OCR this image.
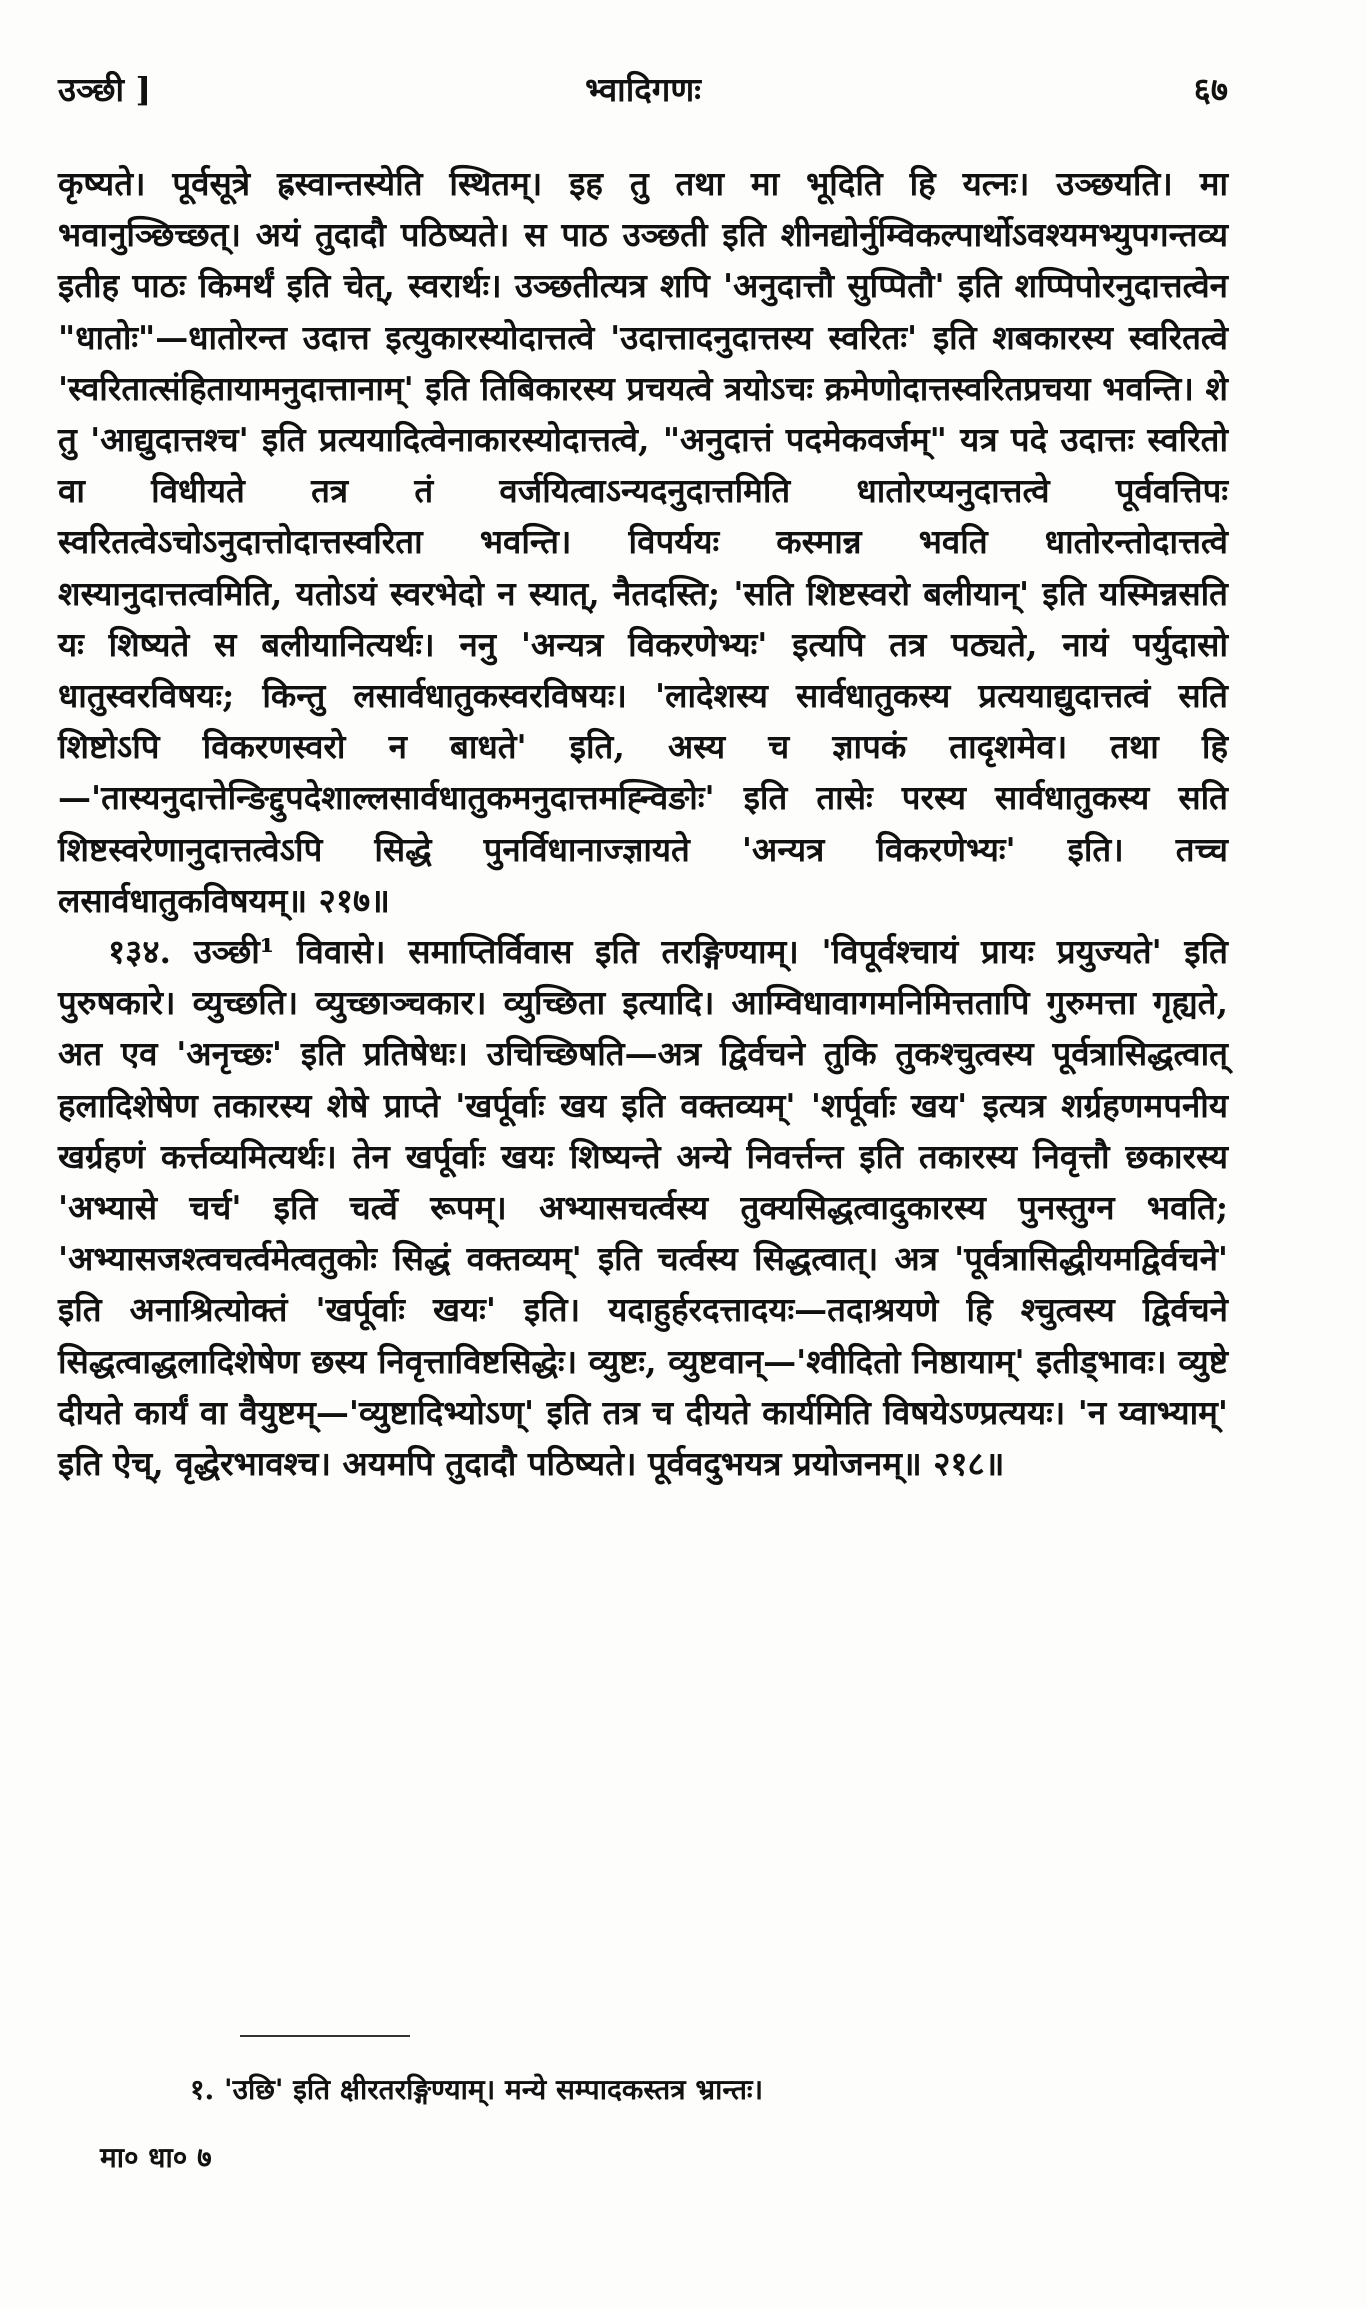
उञ्छी ]	भ्वादिगणः	६७

कृष्यते। पूर्वसूत्रे ह्रस्वान्तस्येति स्थितम्। इह तु तथा मा भूदिति हि यत्नः। उञ्छयति। मा भवानुञ्छिच्छत्। अयं तुदादौ पठिष्यते। स पाठ उञ्छती इति शीनद्योर्नुम्विकल्पार्थोऽवश्यमभ्युपगन्तव्य इतीह पाठः किमर्थं इति चेत्, स्वरार्थः। उञ्छतीत्यत्र शपि 'अनुदात्तौ सुप्पितौ' इति शप्पिपोरनुदात्तत्वेन "धातोः"—धातोरन्त उदात्त इत्युकारस्योदात्तत्वे 'उदात्तादनुदात्तस्य स्वरितः' इति शबकारस्य स्वरितत्वे 'स्वरितात्संहितायामनुदात्तानाम्' इति तिबिकारस्य प्रचयत्वे त्रयोऽचः क्रमेणोदात्तस्वरितप्रचया भवन्ति। शे तु 'आद्युदात्तश्च' इति प्रत्ययादित्वेनाकारस्योदात्तत्वे, "अनुदात्तं पदमेकवर्जम्" यत्र पदे उदात्तः स्वरितो वा विधीयते तत्र तं वर्जयित्वाऽन्यदनुदात्तमिति धातोरप्यनुदात्तत्वे पूर्ववत्तिपः स्वरितत्वेऽचोऽनुदात्तोदात्तस्वरिता भवन्ति। विपर्ययः कस्मान्न भवति धातोरन्तोदात्तत्वे शस्यानुदात्तत्वमिति, यतोऽयं स्वरभेदो न स्यात्, नैतदस्ति; 'सति शिष्टस्वरो बलीयान्' इति यस्मिन्नसति यः शिष्यते स बलीयानित्यर्थः। ननु 'अन्यत्र विकरणेभ्यः' इत्यपि तत्र पठ्यते, नायं पर्युदासो धातुस्वरविषयः; किन्तु लसार्वधातुकस्वरविषयः। 'लादेशस्य सार्वधातुकस्य प्रत्ययाद्युदात्तत्वं सति शिष्टोऽपि विकरणस्वरो न बाधते' इति, अस्य च ज्ञापकं तादृशमेव। तथा हि—'तास्यनुदात्तेन्ङिद्दुपदेशाल्लसार्वधातुकमनुदात्तमह्न्विङोः' इति तासेः परस्य सार्वधातुकस्य सति शिष्टस्वरेणानुदात्तत्वेऽपि सिद्धे पुनर्विधानाज्ज्ञायते 'अन्यत्र विकरणेभ्यः' इति। तच्च लसार्वधातुकविषयम्॥ २१७॥

१३४. उञ्छी¹ विवासे। समाप्तिर्विवास इति तरङ्गिण्याम्। 'विपूर्वश्चायं प्रायः प्रयुज्यते' इति पुरुषकारे। व्युच्छति। व्युच्छाञ्चकार। व्युच्छिता इत्यादि। आम्विधावागमनिमित्ततापि गुरुमत्ता गृह्यते, अत एव 'अनृच्छः' इति प्रतिषेधः। उचिच्छिषति—अत्र द्विर्वचने तुकि तुकश्चुत्वस्य पूर्वत्रासिद्धत्वात् हलादिशेषेण तकारस्य शेषे प्राप्ते 'खर्पूर्वाः खय इति वक्तव्यम्' 'शर्पूर्वाः खय' इत्यत्र शर्ग्रहणमपनीय खर्ग्रहणं कर्त्तव्यमित्यर्थः। तेन खर्पूर्वाः खयः शिष्यन्ते अन्ये निवर्त्तन्त इति तकारस्य निवृत्तौ छकारस्य 'अभ्यासे चर्च' इति चर्त्वे रूपम्। अभ्यासचर्त्वस्य तुक्यसिद्धत्वादुकारस्य पुनस्तुग्न भवति; 'अभ्यासजश्त्वचर्त्वमेत्वतुकोः सिद्धं वक्तव्यम्' इति चर्त्वस्य सिद्धत्वात्। अत्र 'पूर्वत्रासिद्धीयमद्विर्वचने' इति अनाश्रित्योक्तं 'खर्पूर्वाः खयः' इति। यदाहुर्हरदत्तादयः—तदाश्रयणे हि श्चुत्वस्य द्विर्वचने सिद्धत्वाद्धलादिशेषेण छस्य निवृत्ताविष्टसिद्धेः। व्युष्टः, व्युष्टवान्—'श्वीदितो निष्ठायाम्' इतीड्भावः। व्युष्टे दीयते कार्यं वा वैयुष्टम्—'व्युष्टादिभ्योऽण्' इति तत्र च दीयते कार्यमिति विषयेऽण्प्रत्ययः। 'न य्वाभ्याम्' इति ऐच्, वृद्धेरभावश्च। अयमपि तुदादौ पठिष्यते। पूर्ववदुभयत्र प्रयोजनम्॥ २१८॥

१. 'उछि' इति क्षीरतरङ्गिण्याम्। मन्ये सम्पादकस्तत्र भ्रान्तः।
मा० धा० ७
